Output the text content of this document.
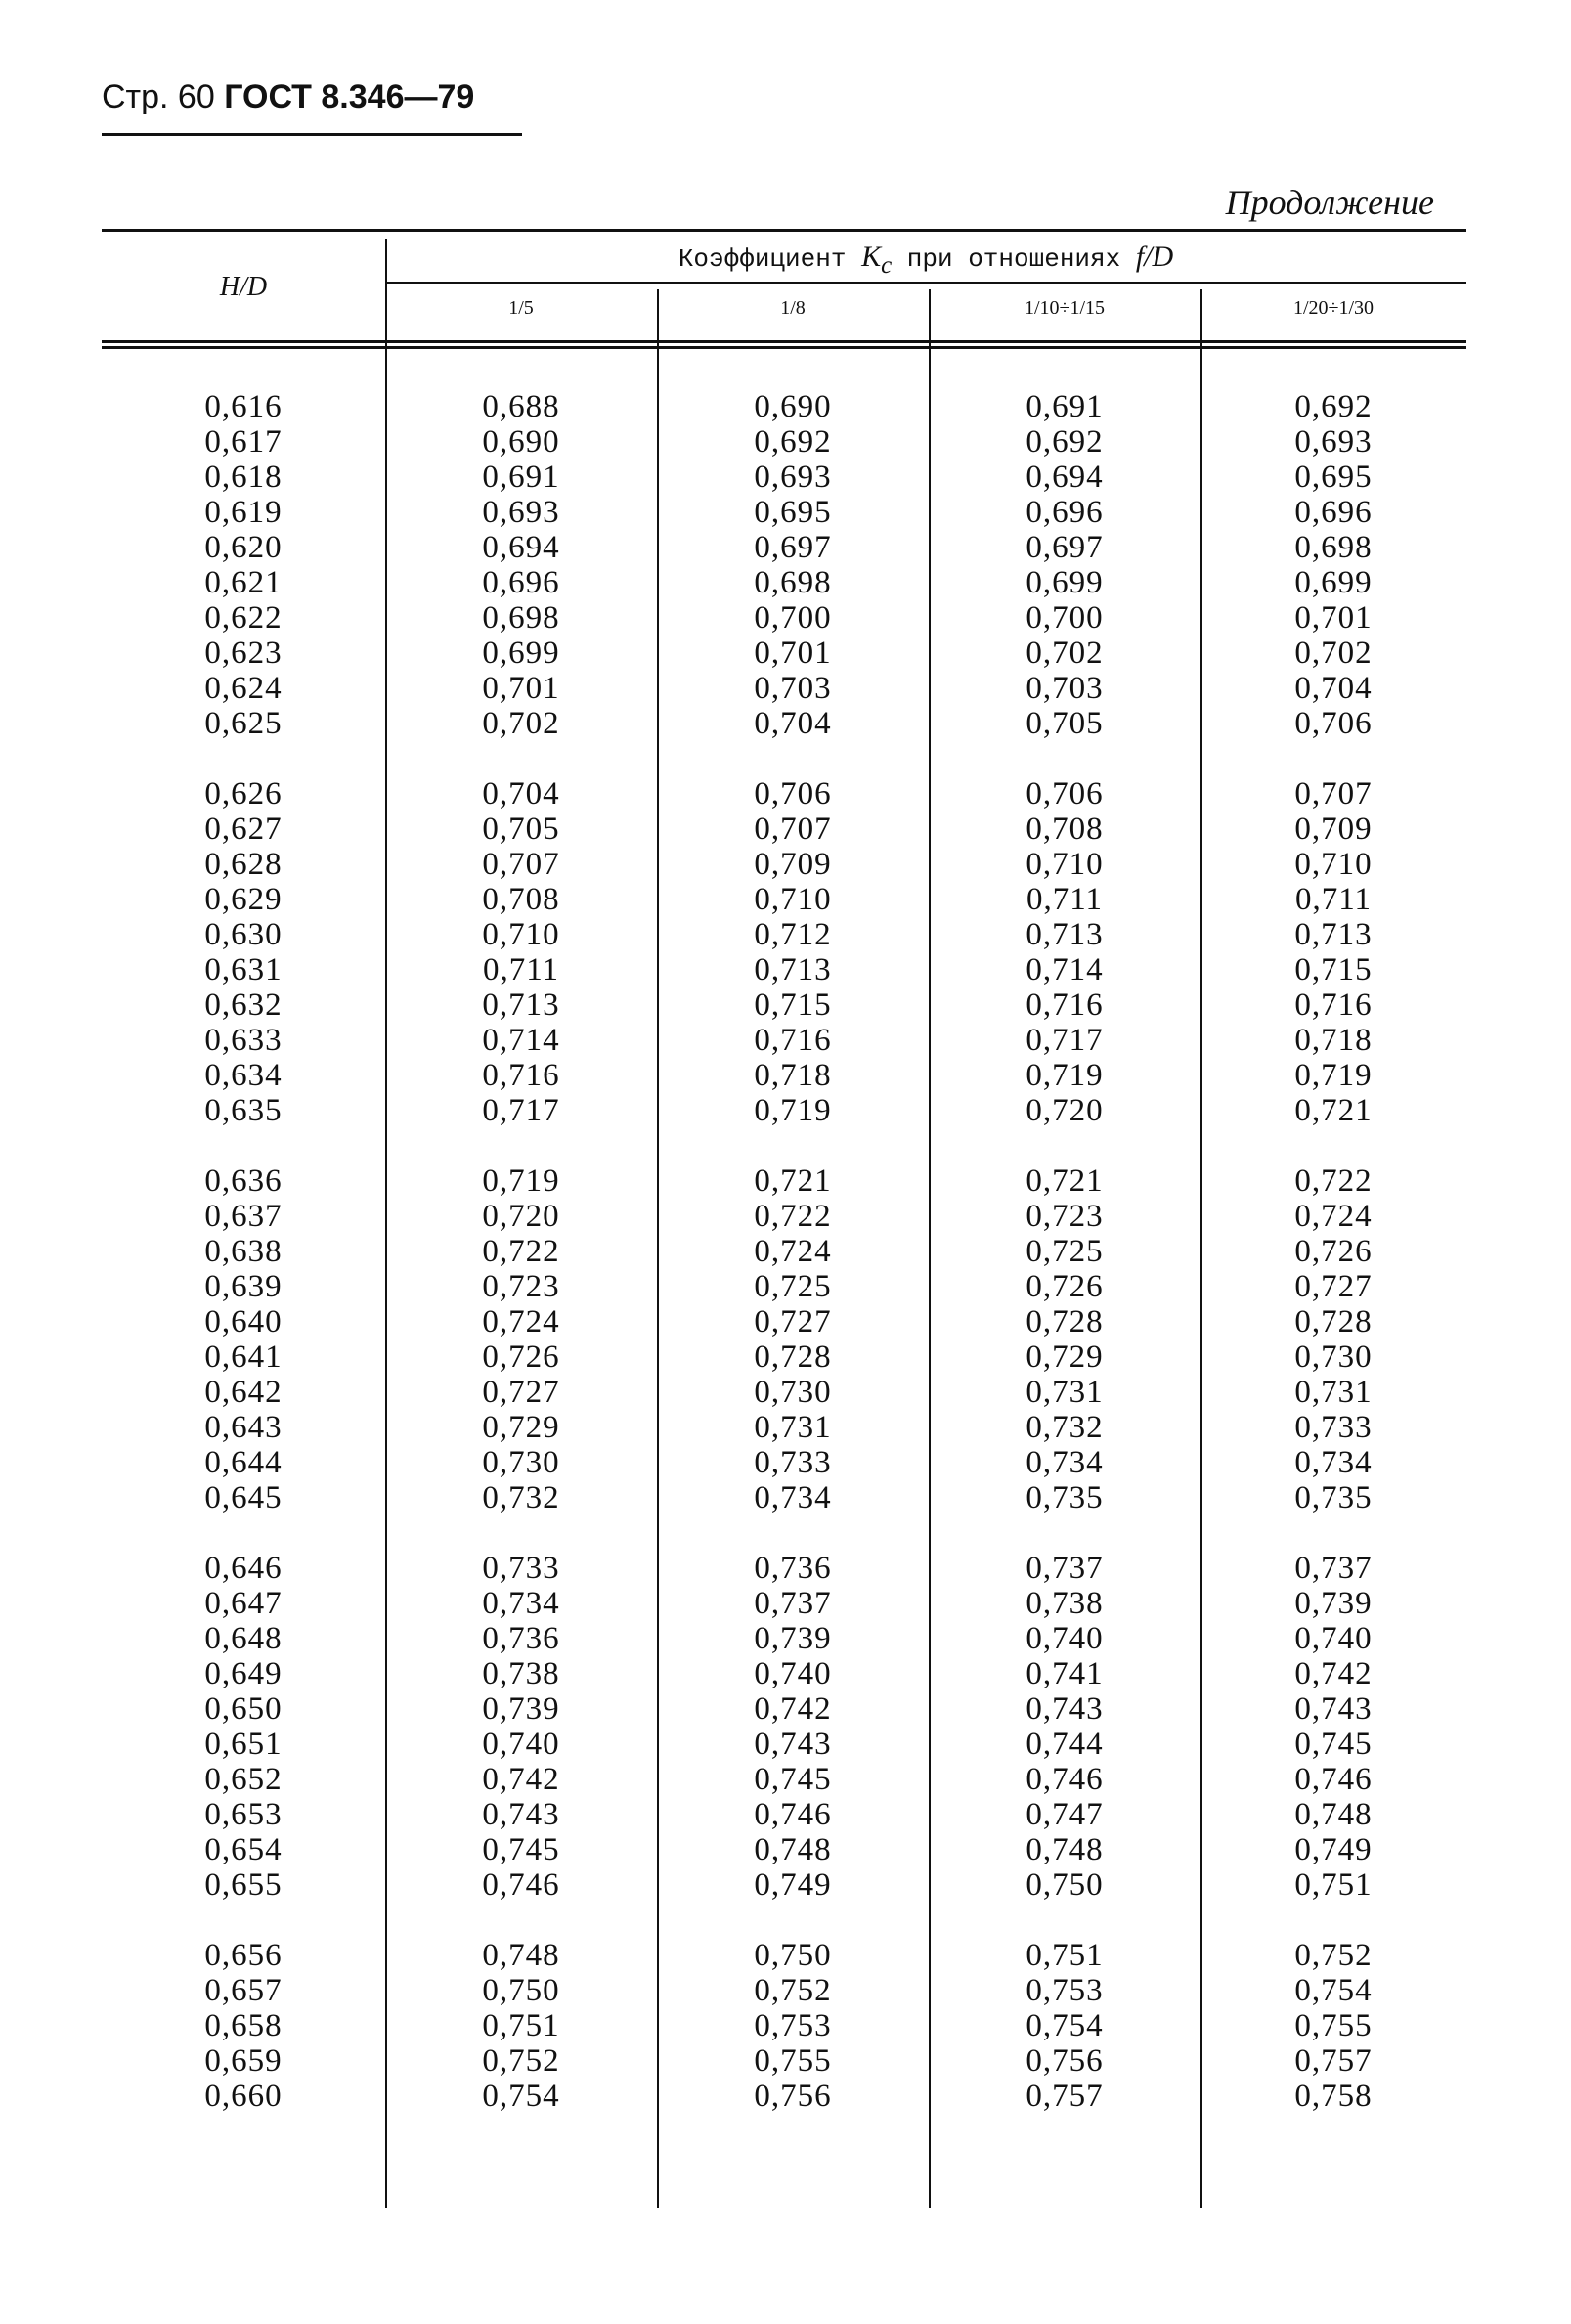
Стр. 60 ГОСТ 8.346—79
Продолжение
Коэффициент $K_c$ при отношениях f/D
H/D
1/5	1/8	1/10÷1/15	1/20÷1/30
0,616	0,688	0,690	0,691	0,692
0,617	0,690	0,692	0,692	0,693
0,618	0,691	0,693	0,694	0,695
0,619	0,693	0,695	0,696	0,696
0,620	0,694	0,697	0,697	0,698
0,621	0,696	0,698	0,699	0,699
0,622	0,698	0,700	0,700	0,701
0,623	0,699	0,701	0,702	0,702
0,624	0,701	0,703	0,703	0,704
0,625	0,702	0,704	0,705	0,706
0,626	0,704	0,706	0,706	0,707
0,627	0,705	0,707	0,708	0,709
0,628	0,707	0,709	0,710	0,710
0,629	0,708	0,710	0,711	0,711
0,630	0,710	0,712	0,713	0,713
0,631	0,711	0,713	0,714	0,715
0,632	0,713	0,715	0,716	0,716
0,633	0,714	0,716	0,717	0,718
0,634	0,716	0,718	0,719	0,719
0,635	0,717	0,719	0,720	0,721
0,636	0,719	0,721	0,721	0,722
0,637	0,720	0,722	0,723	0,724
0,638	0,722	0,724	0,725	0,726
0,639	0,723	0,725	0,726	0,727
0,640	0,724	0,727	0,728	0,728
0,641	0,726	0,728	0,729	0,730
0,642	0,727	0,730	0,731	0,731
0,643	0,729	0,731	0,732	0,733
0,644	0,730	0,733	0,734	0,734
0,645	0,732	0,734	0,735	0,735
0,646	0,733	0,736	0,737	0,737
0,647	0,734	0,737	0,738	0,739
0,648	0,736	0,739	0,740	0,740
0,649	0,738	0,740	0,741	0,742
0,650	0,739	0,742	0,743	0,743
0,651	0,740	0,743	0,744	0,745
0,652	0,742	0,745	0,746	0,746
0,653	0,743	0,746	0,747	0,748
0,654	0,745	0,748	0,748	0,749
0,655	0,746	0,749	0,750	0,751
0,656	0,748	0,750	0,751	0,752
0,657	0,750	0,752	0,753	0,754
0,658	0,751	0,753	0,754	0,755
0,659	0,752	0,755	0,756	0,757
0,660	0,754	0,756	0,757	0,758
